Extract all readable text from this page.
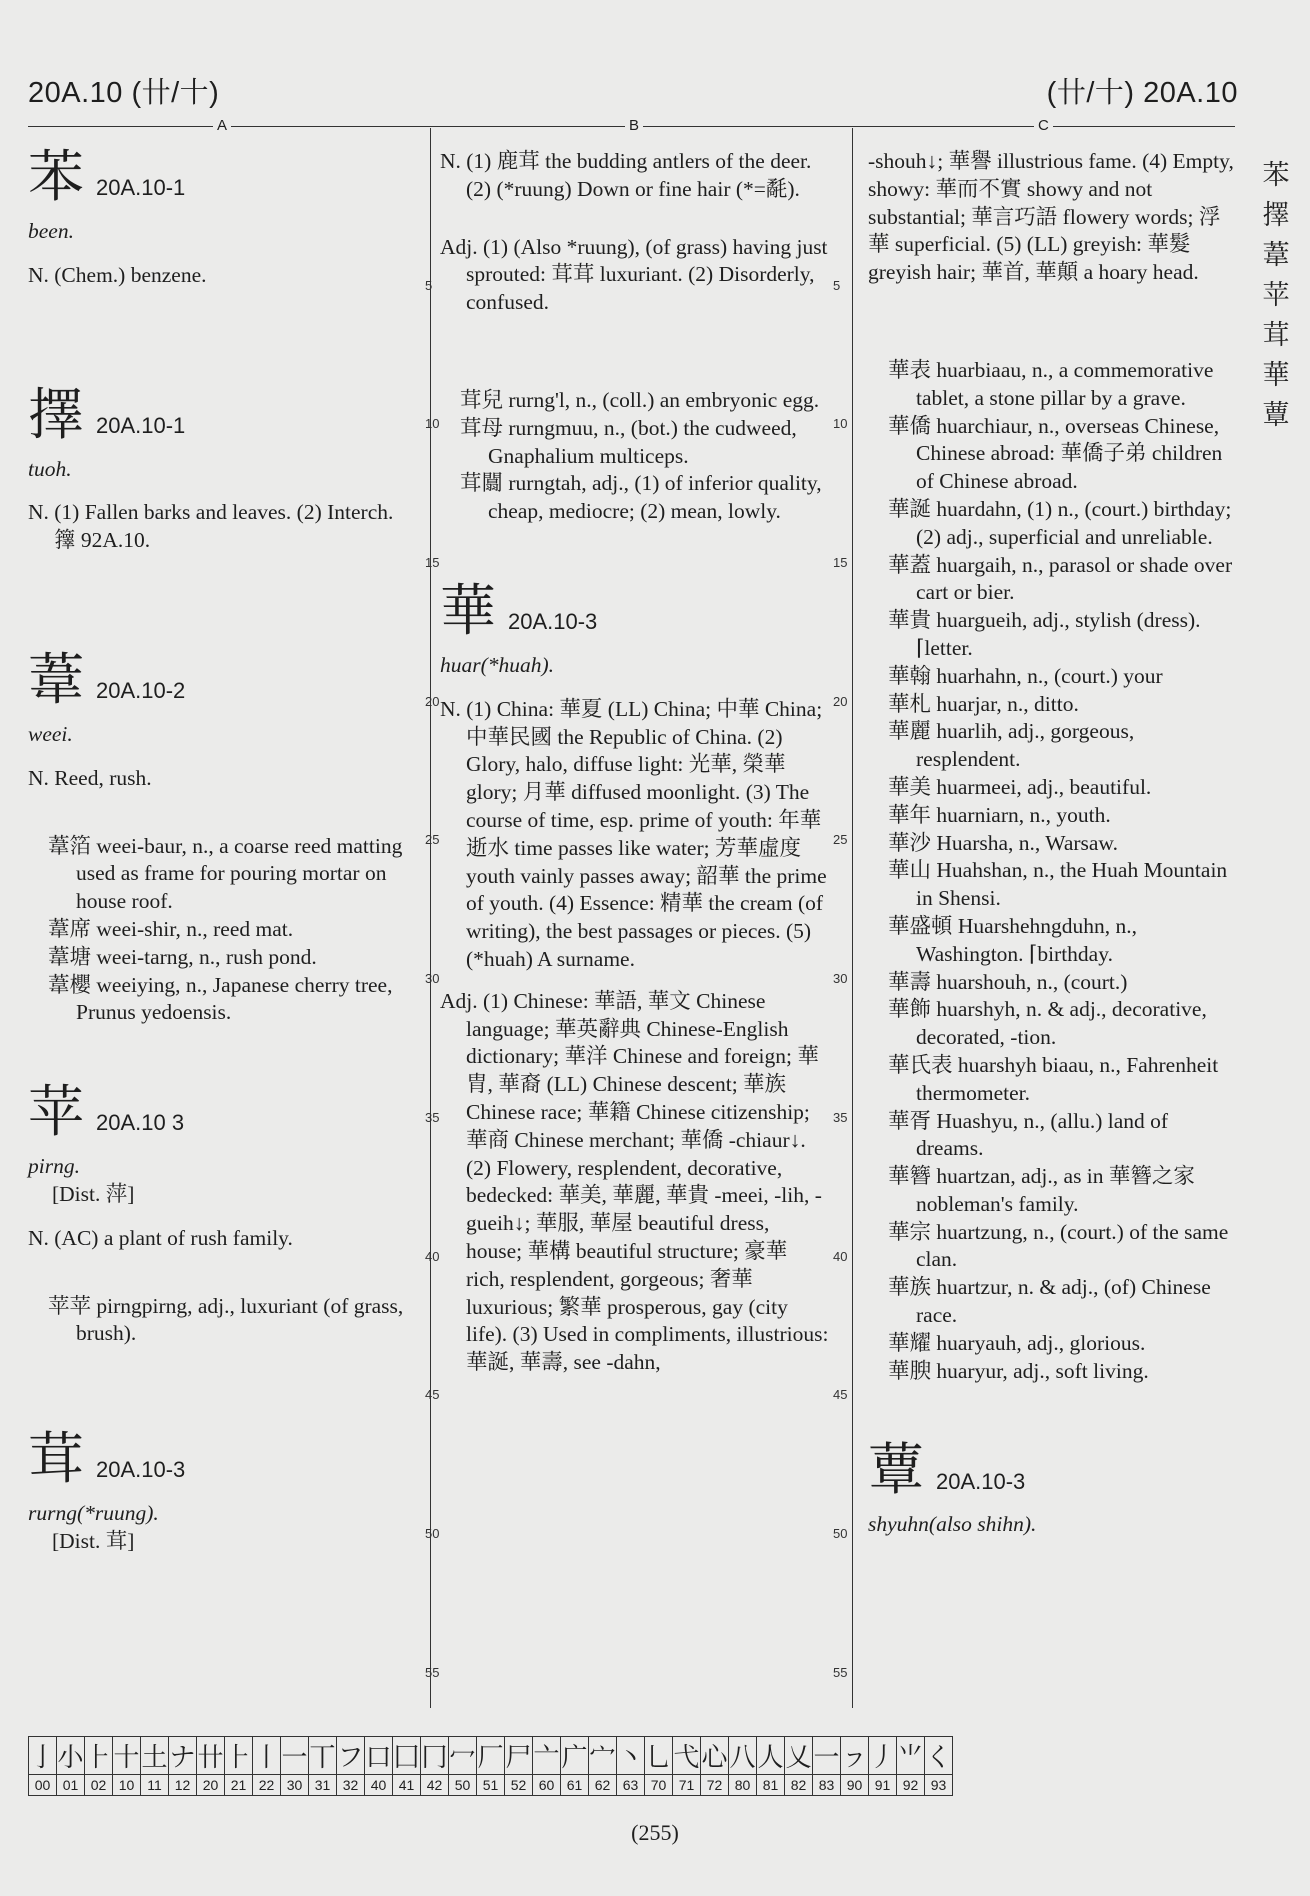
20A.10 (卄/十)	(卄/十) 20A.10
A	B	C
5
10
15
20
25
30
35
40
45
50
55
5
10
15
20
25
30
35
40
45
50
55
苯 20A.10-1
been.
N. (Chem.) benzene.
擇 20A.10-1
tuoh.
N. (1) Fallen barks and leaves. (2) Interch. 籜 92A.10.
葦 20A.10-2
weei.
N. Reed, rush.

葦箔 weei-baur, n., a coarse reed matting used as frame for pouring mortar on house roof.

葦席 weei-shir, n., reed mat.

葦塘 weei-tarng, n., rush pond.

葦櫻 weeiying, n., Japanese cherry tree, Prunus yedoensis.

苹 20A.10 3
pirng.
[Dist. 萍]
N. (AC) a plant of rush family.

苹苹 pirngpirng, adj., luxuriant (of grass, brush).

茸 20A.10-3
rurng(*ruung).
[Dist. 茸]
N. (1) 鹿茸 the budding antlers of the deer. (2) (*ruung) Down or fine hair (*=氄).
Adj. (1) (Also *ruung), (of grass) having just sprouted: 茸茸 luxuriant. (2) Disorderly, confused.

茸兒 rurng'l, n., (coll.) an embryonic egg.

茸母 rurngmuu, n., (bot.) the cudweed, Gnaphalium multiceps.

茸闒 rurngtah, adj., (1) of inferior quality, cheap, mediocre; (2) mean, lowly.

華 20A.10-3
huar(*huah).
N. (1) China: 華夏 (LL) China; 中華 China; 中華民國 the Republic of China. (2) Glory, halo, diffuse light: 光華, 榮華 glory; 月華 diffused moonlight. (3) The course of time, esp. prime of youth: 年華逝水 time passes like water; 芳華虛度 youth vainly passes away; 韶華 the prime of youth. (4) Essence: 精華 the cream (of writing), the best passages or pieces. (5) (*huah) A surname.
Adj. (1) Chinese: 華語, 華文 Chinese language; 華英辭典 Chinese-English dictionary; 華洋 Chinese and foreign; 華胄, 華裔 (LL) Chinese descent; 華族 Chinese race; 華籍 Chinese citizenship; 華商 Chinese merchant; 華僑 -chiaur↓. (2) Flowery, resplendent, decorative, bedecked: 華美, 華麗, 華貴 -meei, -lih, -gueih↓; 華服, 華屋 beautiful dress, house; 華構 beautiful structure; 豪華 rich, resplendent, gorgeous; 奢華 luxurious; 繁華 prosperous, gay (city life). (3) Used in compliments, illustrious: 華誕, 華壽, see -dahn,
-shouh↓; 華譽 illustrious fame. (4) Empty, showy: 華而不實 showy and not substantial; 華言巧語 flowery words; 浮華 superficial. (5) (LL) greyish: 華髮 greyish hair; 華首, 華顛 a hoary head.

華表 huarbiaau, n., a commemorative tablet, a stone pillar by a grave.

華僑 huarchiaur, n., overseas Chinese, Chinese abroad: 華僑子弟 children of Chinese abroad.

華誕 huardahn, (1) n., (court.) birthday; (2) adj., superficial and unreliable.

華蓋 huargaih, n., parasol or shade over cart or bier.

華貴 huargueih, adj., stylish (dress). ⌈letter.

華翰 huarhahn, n., (court.) your

華札 huarjar, n., ditto.

華麗 huarlih, adj., gorgeous, resplendent.

華美 huarmeei, adj., beautiful.

華年 huarniarn, n., youth.

華沙 Huarsha, n., Warsaw.

華山 Huahshan, n., the Huah Mountain in Shensi.

華盛頓 Huarshehngduhn, n., Washington. ⌈birthday.

華壽 huarshouh, n., (court.)

華飾 huarshyh, n. & adj., decorative, decorated, -tion.

華氏表 huarshyh biaau, n., Fahrenheit thermometer.

華胥 Huashyu, n., (allu.) land of dreams.

華簪 huartzan, adj., as in 華簪之家 nobleman's family.

華宗 huartzung, n., (court.) of the same clan.

華族 huartzur, n. & adj., (of) Chinese race.

華耀 huaryauh, adj., glorious.

華腴 huaryur, adj., soft living.

蕈 20A.10-3
shyuhn(also shihn).
苯
擇
葦
苹
茸
華
蕈
亅	小	⺊	十	土	ナ	卄	⺊	丨	一	丅	フ	口	囗	冂	冖	厂	尸	亠	广	宀	丶	乚	弋	心	八	人	乂	一	ㇷ	丿	⺌	く
00	01	02	10	11	12	20	21	22	30	31	32	40	41	42	50	51	52	60	61	62	63	70	71	72	80	81	82	83	90	91	92	93
(255)
